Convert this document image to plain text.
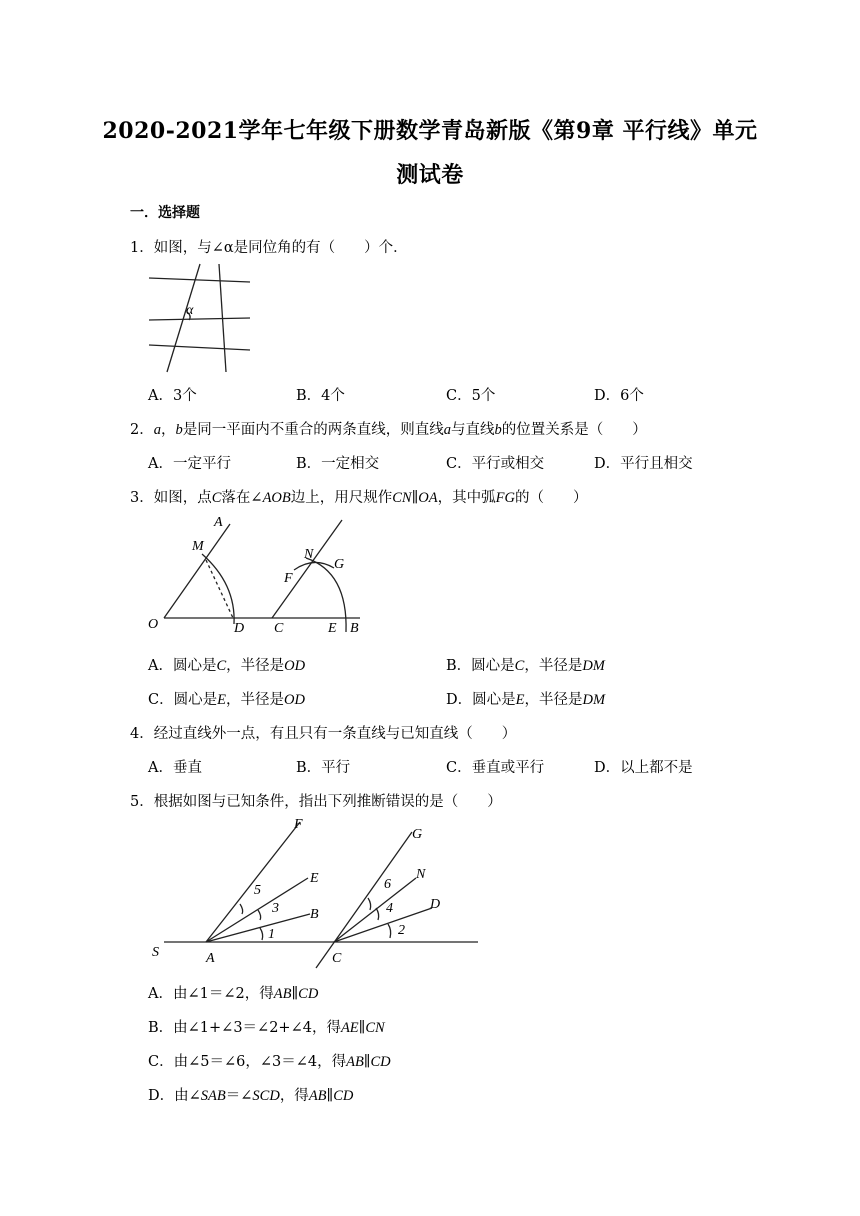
2020-2021学年七年级下册数学青岛新版《第9章 平行线》单元
测试卷
一．选择题
1．如图，与∠α是同位角的有（　　）个．
α
A．3个	B．4个	C．5个	D．6个
2．a，b是同一平面内不重合的两条直线，则直线a与直线b的位置关系是（　　）
A．一定平行	B．一定相交	C．平行或相交	D．平行且相交
3．如图，点C落在∠AOB边上，用尺规作CN∥OA，其中弧FG的（　　）
A
M
O	D C
N
G
F
E B
A．圆心是C，半径是OD	B．圆心是C，半径是DM
C．圆心是E，半径是OD	D．圆心是E，半径是DM
4．经过直线外一点，有且只有一条直线与已知直线（　　）
A．垂直	B．平行	C．垂直或平行	D．以上都不是
5．根据如图与已知条件，指出下列推断错误的是（　　）
F
E
B
S	A
G
N
D
C
5
3
1
6
4
2
A．由∠1＝∠2，得AB∥CD
B．由∠1+∠3＝∠2+∠4，得AE∥CN
C．由∠5＝∠6，∠3＝∠4，得AB∥CD
D．由∠SAB＝∠SCD，得AB∥CD
